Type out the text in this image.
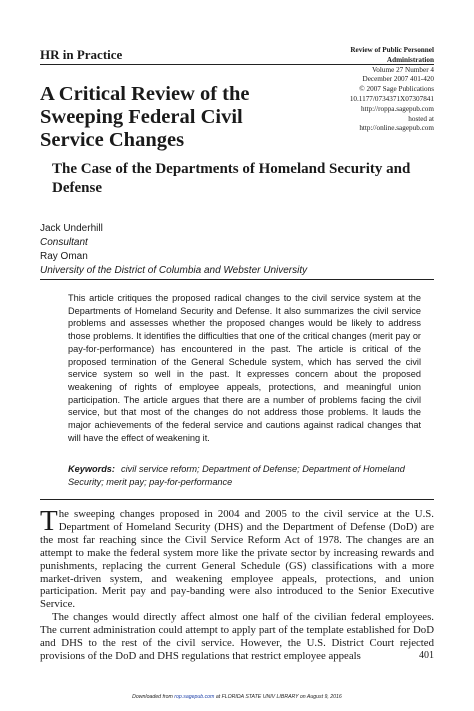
HR in Practice	Review of Public Personnel
Administration
Volume 27 Number 4
December 2007 401-420
© 2007 Sage Publications
10.1177/0734371X07307841
http://roppa.sagepub.com
hosted at
http://online.sagepub.com
A Critical Review of the Sweeping Federal Civil Service Changes
The Case of the Departments of Homeland Security and Defense
Jack Underhill
Consultant
Ray Oman
University of the District of Columbia and Webster University
This article critiques the proposed radical changes to the civil service system at the Departments of Homeland Security and Defense. It also summarizes the civil service problems and assesses whether the proposed changes would be likely to address those problems. It identifies the difficulties that one of the critical changes (merit pay or pay-for-performance) has encountered in the past. The article is critical of the proposed termination of the General Schedule system, which has served the civil service system so well in the past. It expresses concern about the proposed weakening of rights of employee appeals, protections, and meaningful union participation. The article argues that there are a number of problems facing the civil service, but that most of the changes do not address those problems. It lauds the major achievements of the federal service and cautions against radical changes that will have the effect of weakening it.
Keywords: civil service reform; Department of Defense; Department of Homeland Security; merit pay; pay-for-performance

The sweeping changes proposed in 2004 and 2005 to the civil service at the U.S. Department of Homeland Security (DHS) and the Department of Defense (DoD) are the most far reaching since the Civil Service Reform Act of 1978. The changes are an attempt to make the federal system more like the private sector by increasing rewards and punishments, replacing the current General Schedule (GS) classifications with a more market-driven system, and weakening employee appeals, protections, and union participation. Merit pay and pay-banding were also introduced to the Senior Executive Service.

The changes would directly affect almost one half of the civilian federal employees. The current administration could attempt to apply part of the template established for DoD and DHS to the rest of the civil service. However, the U.S. District Court rejected provisions of the DoD and DHS regulations that restrict employee appeals	401
Downloaded from rop.sagepub.com at FLORIDA STATE UNIV LIBRARY on August 9, 2016
